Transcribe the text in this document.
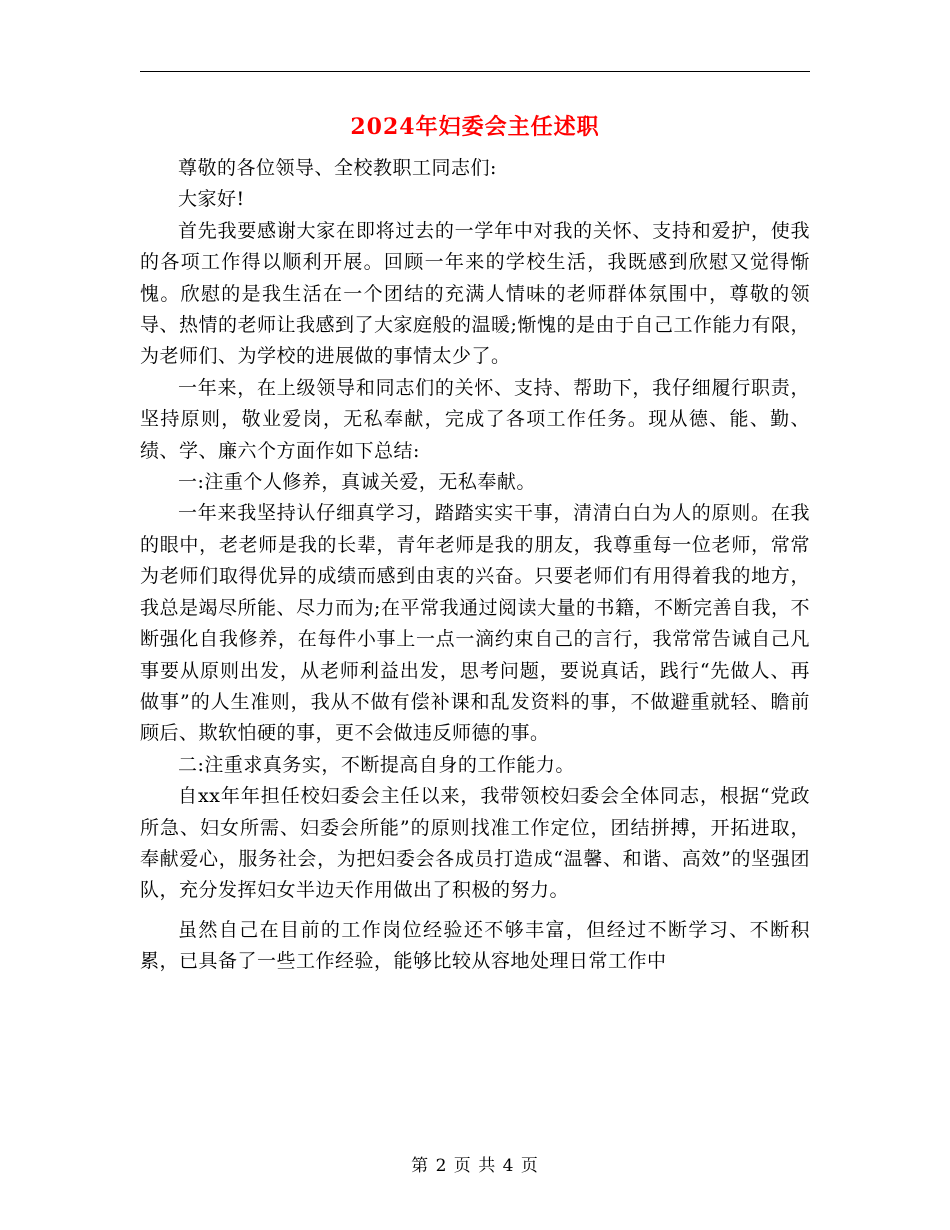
2024年妇委会主任述职

尊敬的各位领导、全校教职工同志们:

大家好!

首先我要感谢大家在即将过去的一学年中对我的关怀、支持和爱护，使我的各项工作得以顺利开展。回顾一年来的学校生活，我既感到欣慰又觉得惭愧。欣慰的是我生活在一个团结的充满人情味的老师群体氛围中，尊敬的领导、热情的老师让我感到了大家庭般的温暖;惭愧的是由于自己工作能力有限，为老师们、为学校的进展做的事情太少了。

一年来，在上级领导和同志们的关怀、支持、帮助下，我仔细履行职责，坚持原则，敬业爱岗，无私奉献，完成了各项工作任务。现从德、能、勤、绩、学、廉六个方面作如下总结:

一:注重个人修养，真诚关爱，无私奉献。

一年来我坚持认仔细真学习，踏踏实实干事，清清白白为人的原则。在我的眼中，老老师是我的长辈，青年老师是我的朋友，我尊重每一位老师，常常为老师们取得优异的成绩而感到由衷的兴奋。只要老师们有用得着我的地方，我总是竭尽所能、尽力而为;在平常我通过阅读大量的书籍，不断完善自我，不断强化自我修养，在每件小事上一点一滴约束自己的言行，我常常告诫自己凡事要从原则出发，从老师利益出发，思考问题，要说真话，践行“先做人、再做事”的人生准则，我从不做有偿补课和乱发资料的事，不做避重就轻、瞻前顾后、欺软怕硬的事，更不会做违反师德的事。

二:注重求真务实，不断提高自身的工作能力。

自xx年年担任校妇委会主任以来，我带领校妇委会全体同志，根据“党政所急、妇女所需、妇委会所能”的原则找准工作定位，团结拼搏，开拓进取，奉献爱心，服务社会，为把妇委会各成员打造成“温馨、和谐、高效”的坚强团队，充分发挥妇女半边天作用做出了积极的努力。

虽然自己在目前的工作岗位经验还不够丰富，但经过不断学习、不断积累，已具备了一些工作经验，能够比较从容地处理日常工作中

第 2 页 共 4 页
